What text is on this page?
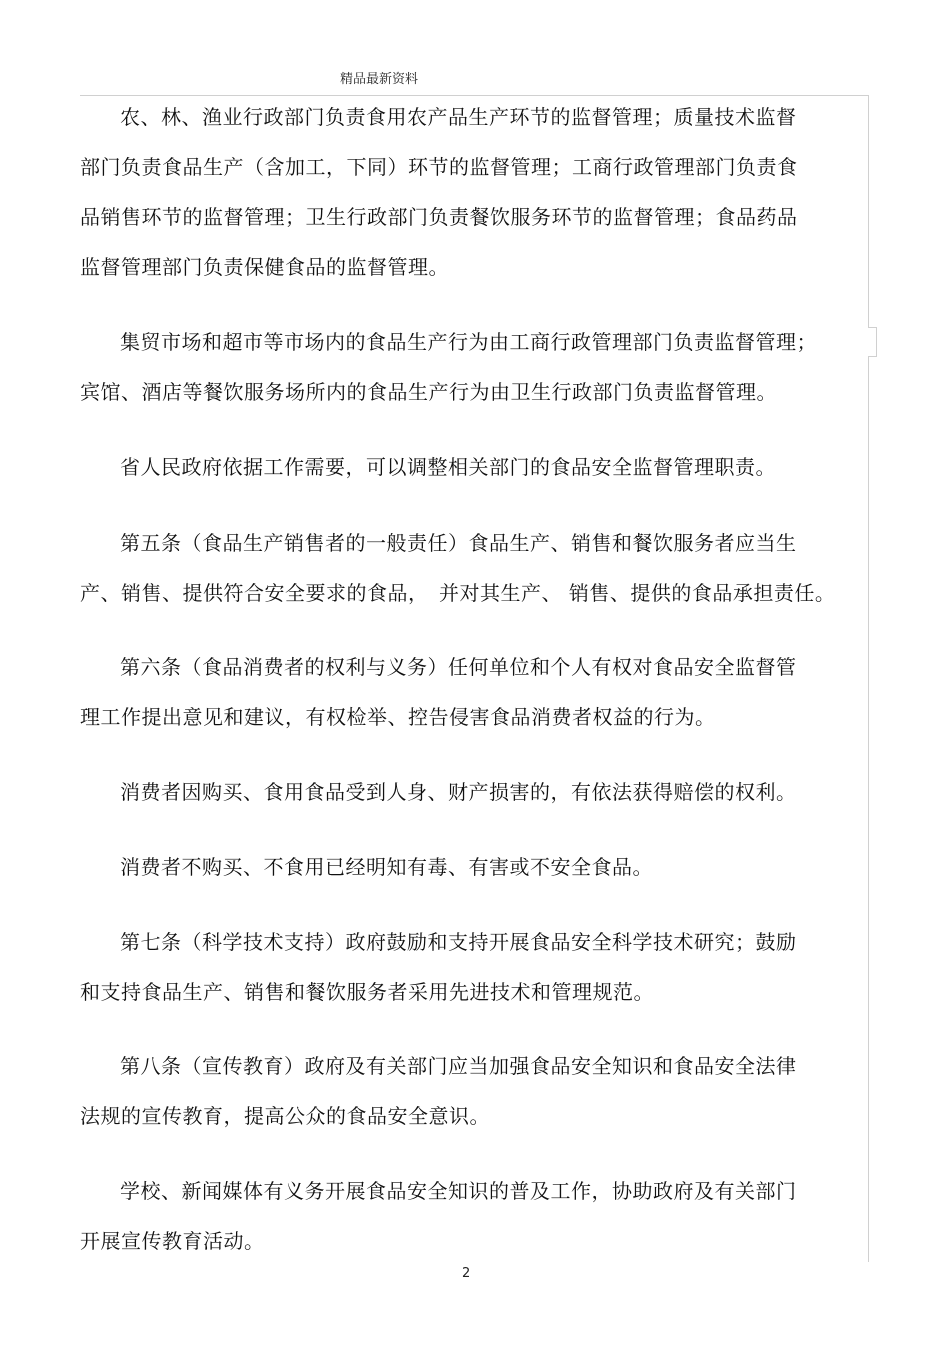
精品最新资料
农、林、渔业行政部门负责食用农产品生产环节的监督管理；质量技术监督
部门负责食品生产（含加工，下同）环节的监督管理；工商行政管理部门负责食
品销售环节的监督管理；卫生行政部门负责餐饮服务环节的监督管理；食品药品
监督管理部门负责保健食品的监督管理。
集贸市场和超市等市场内的食品生产行为由工商行政管理部门负责监督管理；
宾馆、酒店等餐饮服务场所内的食品生产行为由卫生行政部门负责监督管理。
省人民政府依据工作需要，可以调整相关部门的食品安全监督管理职责。
第五条（食品生产销售者的一般责任）食品生产、销售和餐饮服务者应当生
产、销售、提供符合安全要求的食品，　并对其生产、 销售、提供的食品承担责任。
第六条（食品消费者的权利与义务）任何单位和个人有权对食品安全监督管
理工作提出意见和建议，有权检举、控告侵害食品消费者权益的行为。
消费者因购买、食用食品受到人身、财产损害的，有依法获得赔偿的权利。
消费者不购买、不食用已经明知有毒、有害或不安全食品。
第七条（科学技术支持）政府鼓励和支持开展食品安全科学技术研究；鼓励
和支持食品生产、销售和餐饮服务者采用先进技术和管理规范。
第八条（宣传教育）政府及有关部门应当加强食品安全知识和食品安全法律
法规的宣传教育，提高公众的食品安全意识。
学校、新闻媒体有义务开展食品安全知识的普及工作，协助政府及有关部门
开展宣传教育活动。
2
